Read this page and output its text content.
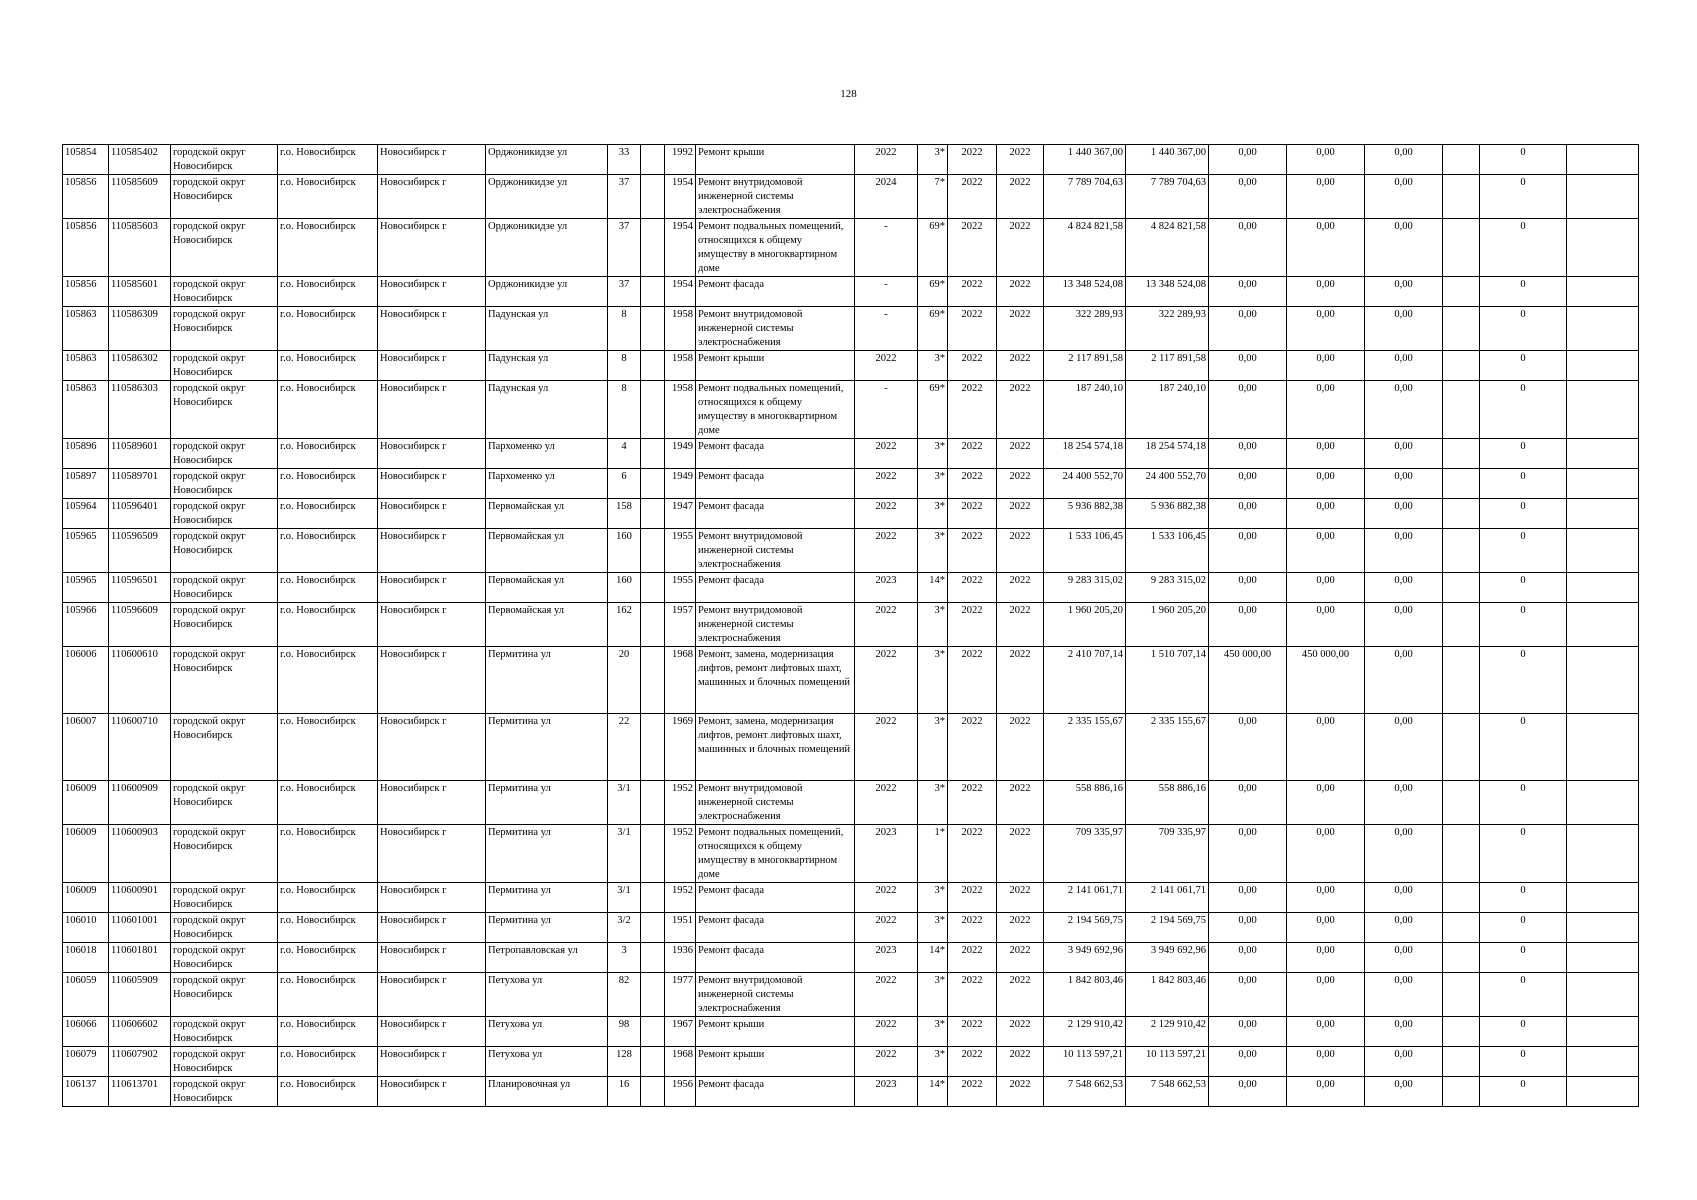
128
105854	110585402	городской округ Новосибирск	г.о. Новосибирск	Новосибирск г	Орджоникидзе ул	33		1992	Ремонт крыши	2022	3*	2022	2022	1 440 367,00	1 440 367,00	0,00	0,00	0,00		0	
105856	110585609	городской округ Новосибирск	г.о. Новосибирск	Новосибирск г	Орджоникидзе ул	37		1954	Ремонт внутридомовой инженерной системы электроснабжения	2024	7*	2022	2022	7 789 704,63	7 789 704,63	0,00	0,00	0,00		0	
105856	110585603	городской округ Новосибирск	г.о. Новосибирск	Новосибирск г	Орджоникидзе ул	37		1954	Ремонт подвальных помещений, относящихся к общему имуществу в многоквартирном доме	-	69*	2022	2022	4 824 821,58	4 824 821,58	0,00	0,00	0,00		0	
105856	110585601	городской округ Новосибирск	г.о. Новосибирск	Новосибирск г	Орджоникидзе ул	37		1954	Ремонт фасада	-	69*	2022	2022	13 348 524,08	13 348 524,08	0,00	0,00	0,00		0	
105863	110586309	городской округ Новосибирск	г.о. Новосибирск	Новосибирск г	Падунская ул	8		1958	Ремонт внутридомовой инженерной системы электроснабжения	-	69*	2022	2022	322 289,93	322 289,93	0,00	0,00	0,00		0	
105863	110586302	городской округ Новосибирск	г.о. Новосибирск	Новосибирск г	Падунская ул	8		1958	Ремонт крыши	2022	3*	2022	2022	2 117 891,58	2 117 891,58	0,00	0,00	0,00		0	
105863	110586303	городской округ Новосибирск	г.о. Новосибирск	Новосибирск г	Падунская ул	8		1958	Ремонт подвальных помещений, относящихся к общему имуществу в многоквартирном доме	-	69*	2022	2022	187 240,10	187 240,10	0,00	0,00	0,00		0	
105896	110589601	городской округ Новосибирск	г.о. Новосибирск	Новосибирск г	Пархоменко ул	4		1949	Ремонт фасада	2022	3*	2022	2022	18 254 574,18	18 254 574,18	0,00	0,00	0,00		0	
105897	110589701	городской округ Новосибирск	г.о. Новосибирск	Новосибирск г	Пархоменко ул	6		1949	Ремонт фасада	2022	3*	2022	2022	24 400 552,70	24 400 552,70	0,00	0,00	0,00		0	
105964	110596401	городской округ Новосибирск	г.о. Новосибирск	Новосибирск г	Первомайская ул	158		1947	Ремонт фасада	2022	3*	2022	2022	5 936 882,38	5 936 882,38	0,00	0,00	0,00		0	
105965	110596509	городской округ Новосибирск	г.о. Новосибирск	Новосибирск г	Первомайская ул	160		1955	Ремонт внутридомовой инженерной системы электроснабжения	2022	3*	2022	2022	1 533 106,45	1 533 106,45	0,00	0,00	0,00		0	
105965	110596501	городской округ Новосибирск	г.о. Новосибирск	Новосибирск г	Первомайская ул	160		1955	Ремонт фасада	2023	14*	2022	2022	9 283 315,02	9 283 315,02	0,00	0,00	0,00		0	
105966	110596609	городской округ Новосибирск	г.о. Новосибирск	Новосибирск г	Первомайская ул	162		1957	Ремонт внутридомовой инженерной системы электроснабжения	2022	3*	2022	2022	1 960 205,20	1 960 205,20	0,00	0,00	0,00		0	
106006	110600610	городской округ Новосибирск	г.о. Новосибирск	Новосибирск г	Пермитина ул	20		1968	Ремонт, замена, модернизация лифтов, ремонт лифтовых шахт, машинных и блочных помещений	2022	3*	2022	2022	2 410 707,14	1 510 707,14	450 000,00	450 000,00	0,00		0	
106007	110600710	городской округ Новосибирск	г.о. Новосибирск	Новосибирск г	Пермитина ул	22		1969	Ремонт, замена, модернизация лифтов, ремонт лифтовых шахт, машинных и блочных помещений	2022	3*	2022	2022	2 335 155,67	2 335 155,67	0,00	0,00	0,00		0	
106009	110600909	городской округ Новосибирск	г.о. Новосибирск	Новосибирск г	Пермитина ул	3/1		1952	Ремонт внутридомовой инженерной системы электроснабжения	2022	3*	2022	2022	558 886,16	558 886,16	0,00	0,00	0,00		0	
106009	110600903	городской округ Новосибирск	г.о. Новосибирск	Новосибирск г	Пермитина ул	3/1		1952	Ремонт подвальных помещений, относящихся к общему имуществу в многоквартирном доме	2023	1*	2022	2022	709 335,97	709 335,97	0,00	0,00	0,00		0	
106009	110600901	городской округ Новосибирск	г.о. Новосибирск	Новосибирск г	Пермитина ул	3/1		1952	Ремонт фасада	2022	3*	2022	2022	2 141 061,71	2 141 061,71	0,00	0,00	0,00		0	
106010	110601001	городской округ Новосибирск	г.о. Новосибирск	Новосибирск г	Пермитина ул	3/2		1951	Ремонт фасада	2022	3*	2022	2022	2 194 569,75	2 194 569,75	0,00	0,00	0,00		0	
106018	110601801	городской округ Новосибирск	г.о. Новосибирск	Новосибирск г	Петропавловская ул	3		1936	Ремонт фасада	2023	14*	2022	2022	3 949 692,96	3 949 692,96	0,00	0,00	0,00		0	
106059	110605909	городской округ Новосибирск	г.о. Новосибирск	Новосибирск г	Петухова ул	82		1977	Ремонт внутридомовой инженерной системы электроснабжения	2022	3*	2022	2022	1 842 803,46	1 842 803,46	0,00	0,00	0,00		0	
106066	110606602	городской округ Новосибирск	г.о. Новосибирск	Новосибирск г	Петухова ул	98		1967	Ремонт крыши	2022	3*	2022	2022	2 129 910,42	2 129 910,42	0,00	0,00	0,00		0	
106079	110607902	городской округ Новосибирск	г.о. Новосибирск	Новосибирск г	Петухова ул	128		1968	Ремонт крыши	2022	3*	2022	2022	10 113 597,21	10 113 597,21	0,00	0,00	0,00		0	
106137	110613701	городской округ Новосибирск	г.о. Новосибирск	Новосибирск г	Планировочная ул	16		1956	Ремонт фасада	2023	14*	2022	2022	7 548 662,53	7 548 662,53	0,00	0,00	0,00		0	
